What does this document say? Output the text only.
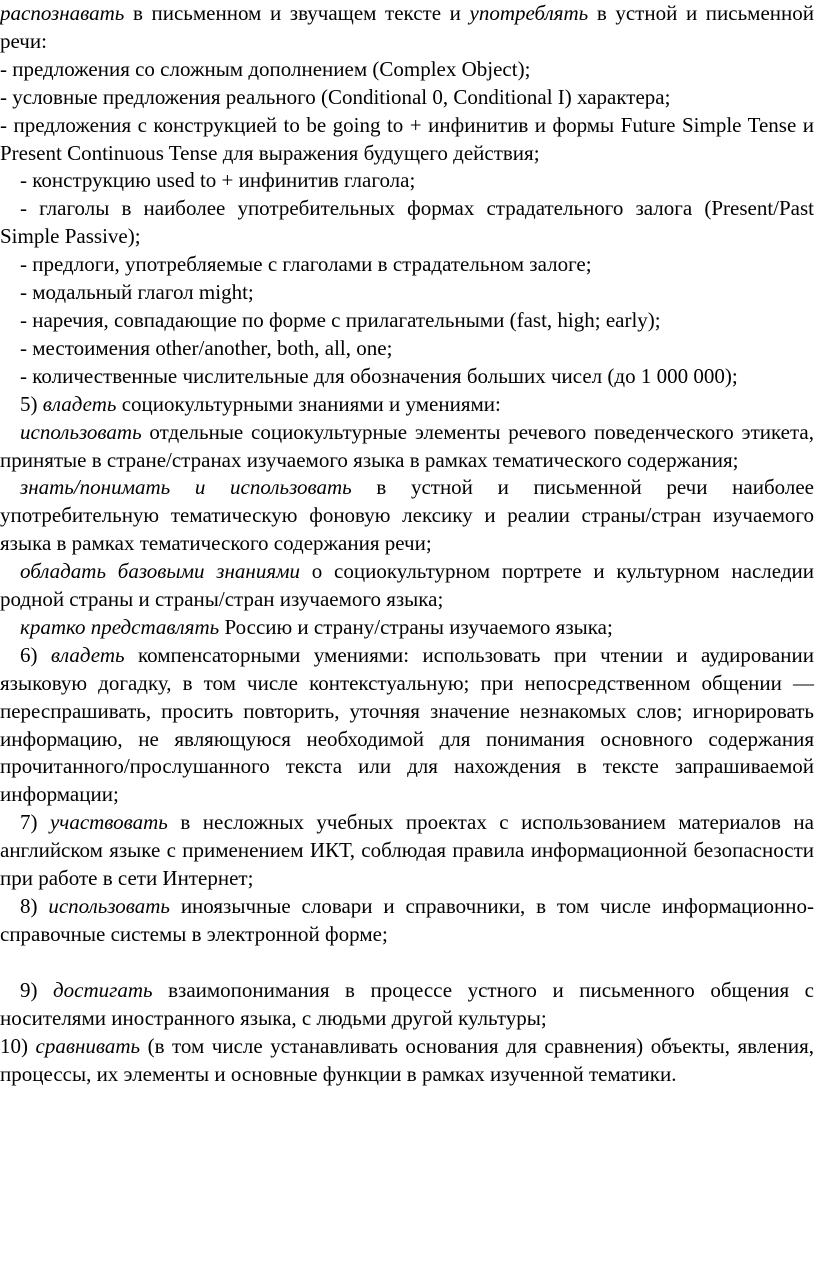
распознавать в письменном и звучащем тексте и употреблять в устной и письменной речи:

- предложения со сложным дополнением (Complex Object);

- условные предложения реального (Conditional 0, Conditional I) характера;

- предложения с конструкцией to be going to + инфинитив и формы Future Simple Tense и Present Continuous Tense для выражения будущего действия;

- конструкцию used to + инфинитив глагола;

- глаголы в наиболее употребительных формах страдательного залога (Present/Past Simple Passive);

- предлоги, употребляемые с глаголами в страдательном залоге;

- модальный глагол might;

- наречия, совпадающие по форме с прилагательными (fast, high; early);

- местоимения other/another, both, all, one;

- количественные числительные для обозначения больших чисел (до 1 000 000);

5) владеть социокультурными знаниями и умениями:

использовать отдельные социокультурные элементы речевого поведенческого этикета, принятые в стране/странах изучаемого языка в рамках тематического содержания;

знать/понимать и использовать в устной и письменной речи наиболее употребительную тематическую фоновую лексику и реалии страны/стран изучаемого языка в рамках тематического содержания речи;

обладать базовыми знаниями о социокультурном портрете и культурном наследии родной страны и страны/стран изучаемого языка;

кратко представлять Россию и страну/страны изучаемого языка;

6) владеть компенсаторными умениями: использовать при чтении и аудировании языковую догадку, в том числе контекстуальную; при непосредственном общении — переспрашивать, просить повторить, уточняя значение незнакомых слов; игнорировать информацию, не являющуюся необходимой для понимания основного содержания прочитанного/прослушанного текста или для нахождения в тексте запрашиваемой информации;

7) участвовать в несложных учебных проектах с использованием материалов на английском языке с применением ИКТ, соблюдая правила информационной безопасности при работе в сети Интернет;

8) использовать иноязычные словари и справочники, в том числе информационно-справочные системы в электронной форме;

9) достигать взаимопонимания в процессе устного и письменного общения с носителями иностранного языка, с людьми другой культуры;

10) сравнивать (в том числе устанавливать основания для сравнения) объекты, явления, процессы, их элементы и основные функции в рамках изученной тематики.
